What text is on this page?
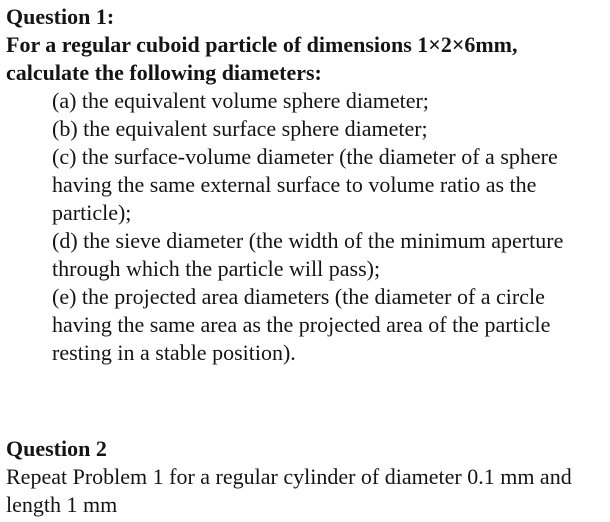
Question 1:
For a regular cuboid particle of dimensions 1×2×6mm,
calculate the following diameters:
(a) the equivalent volume sphere diameter;
(b) the equivalent surface sphere diameter;
(c) the surface-volume diameter (the diameter of a sphere
having the same external surface to volume ratio as the
particle);
(d) the sieve diameter (the width of the minimum aperture
through which the particle will pass);
(e) the projected area diameters (the diameter of a circle
having the same area as the projected area of the particle
resting in a stable position).
Question 2
Repeat Problem 1 for a regular cylinder of diameter 0.1 mm and
length 1 mm
